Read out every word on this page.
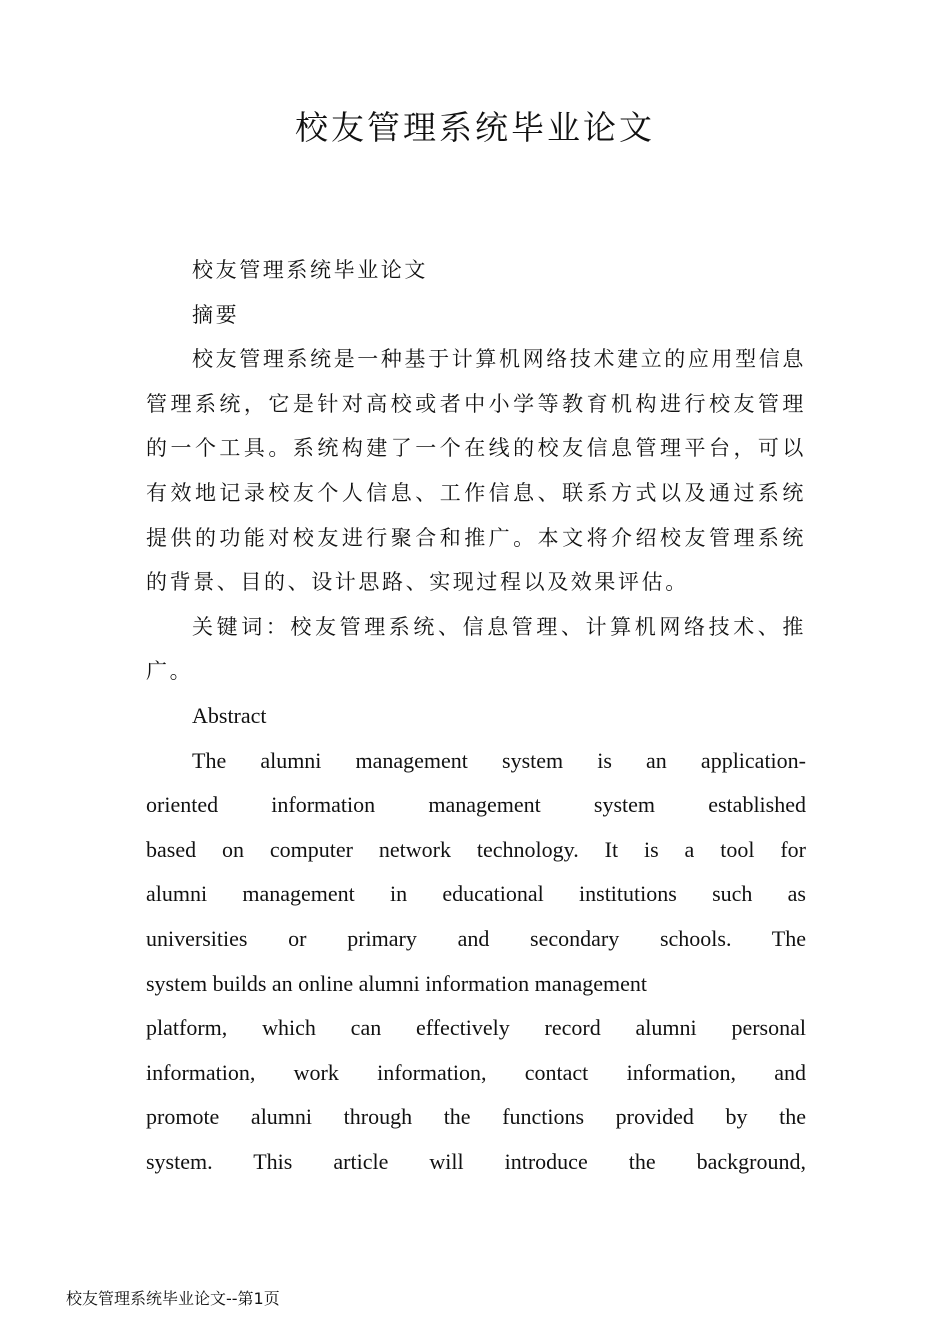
校友管理系统毕业论文

校友管理系统毕业论文

摘要

校友管理系统是一种基于计算机网络技术建立的应用型信息管理系统，它是针对高校或者中小学等教育机构进行校友管理的一个工具。系统构建了一个在线的校友信息管理平台，可以有效地记录校友个人信息、工作信息、联系方式以及通过系统提供的功能对校友进行聚合和推广。本文将介绍校友管理系统的背景、目的、设计思路、实现过程以及效果评估。

关键词：校友管理系统、信息管理、计算机网络技术、推广。

Abstract

The alumni management system is an application-
oriented information management system established
based on computer network technology. It is a tool for
alumni management in educational institutions such as
universities or primary and secondary schools. The
system builds an online alumni information management
platform, which can effectively record alumni personal
information, work information, contact information, and
promote alumni through the functions provided by the
system. This article will introduce the background,
校友管理系统毕业论文--第1页
